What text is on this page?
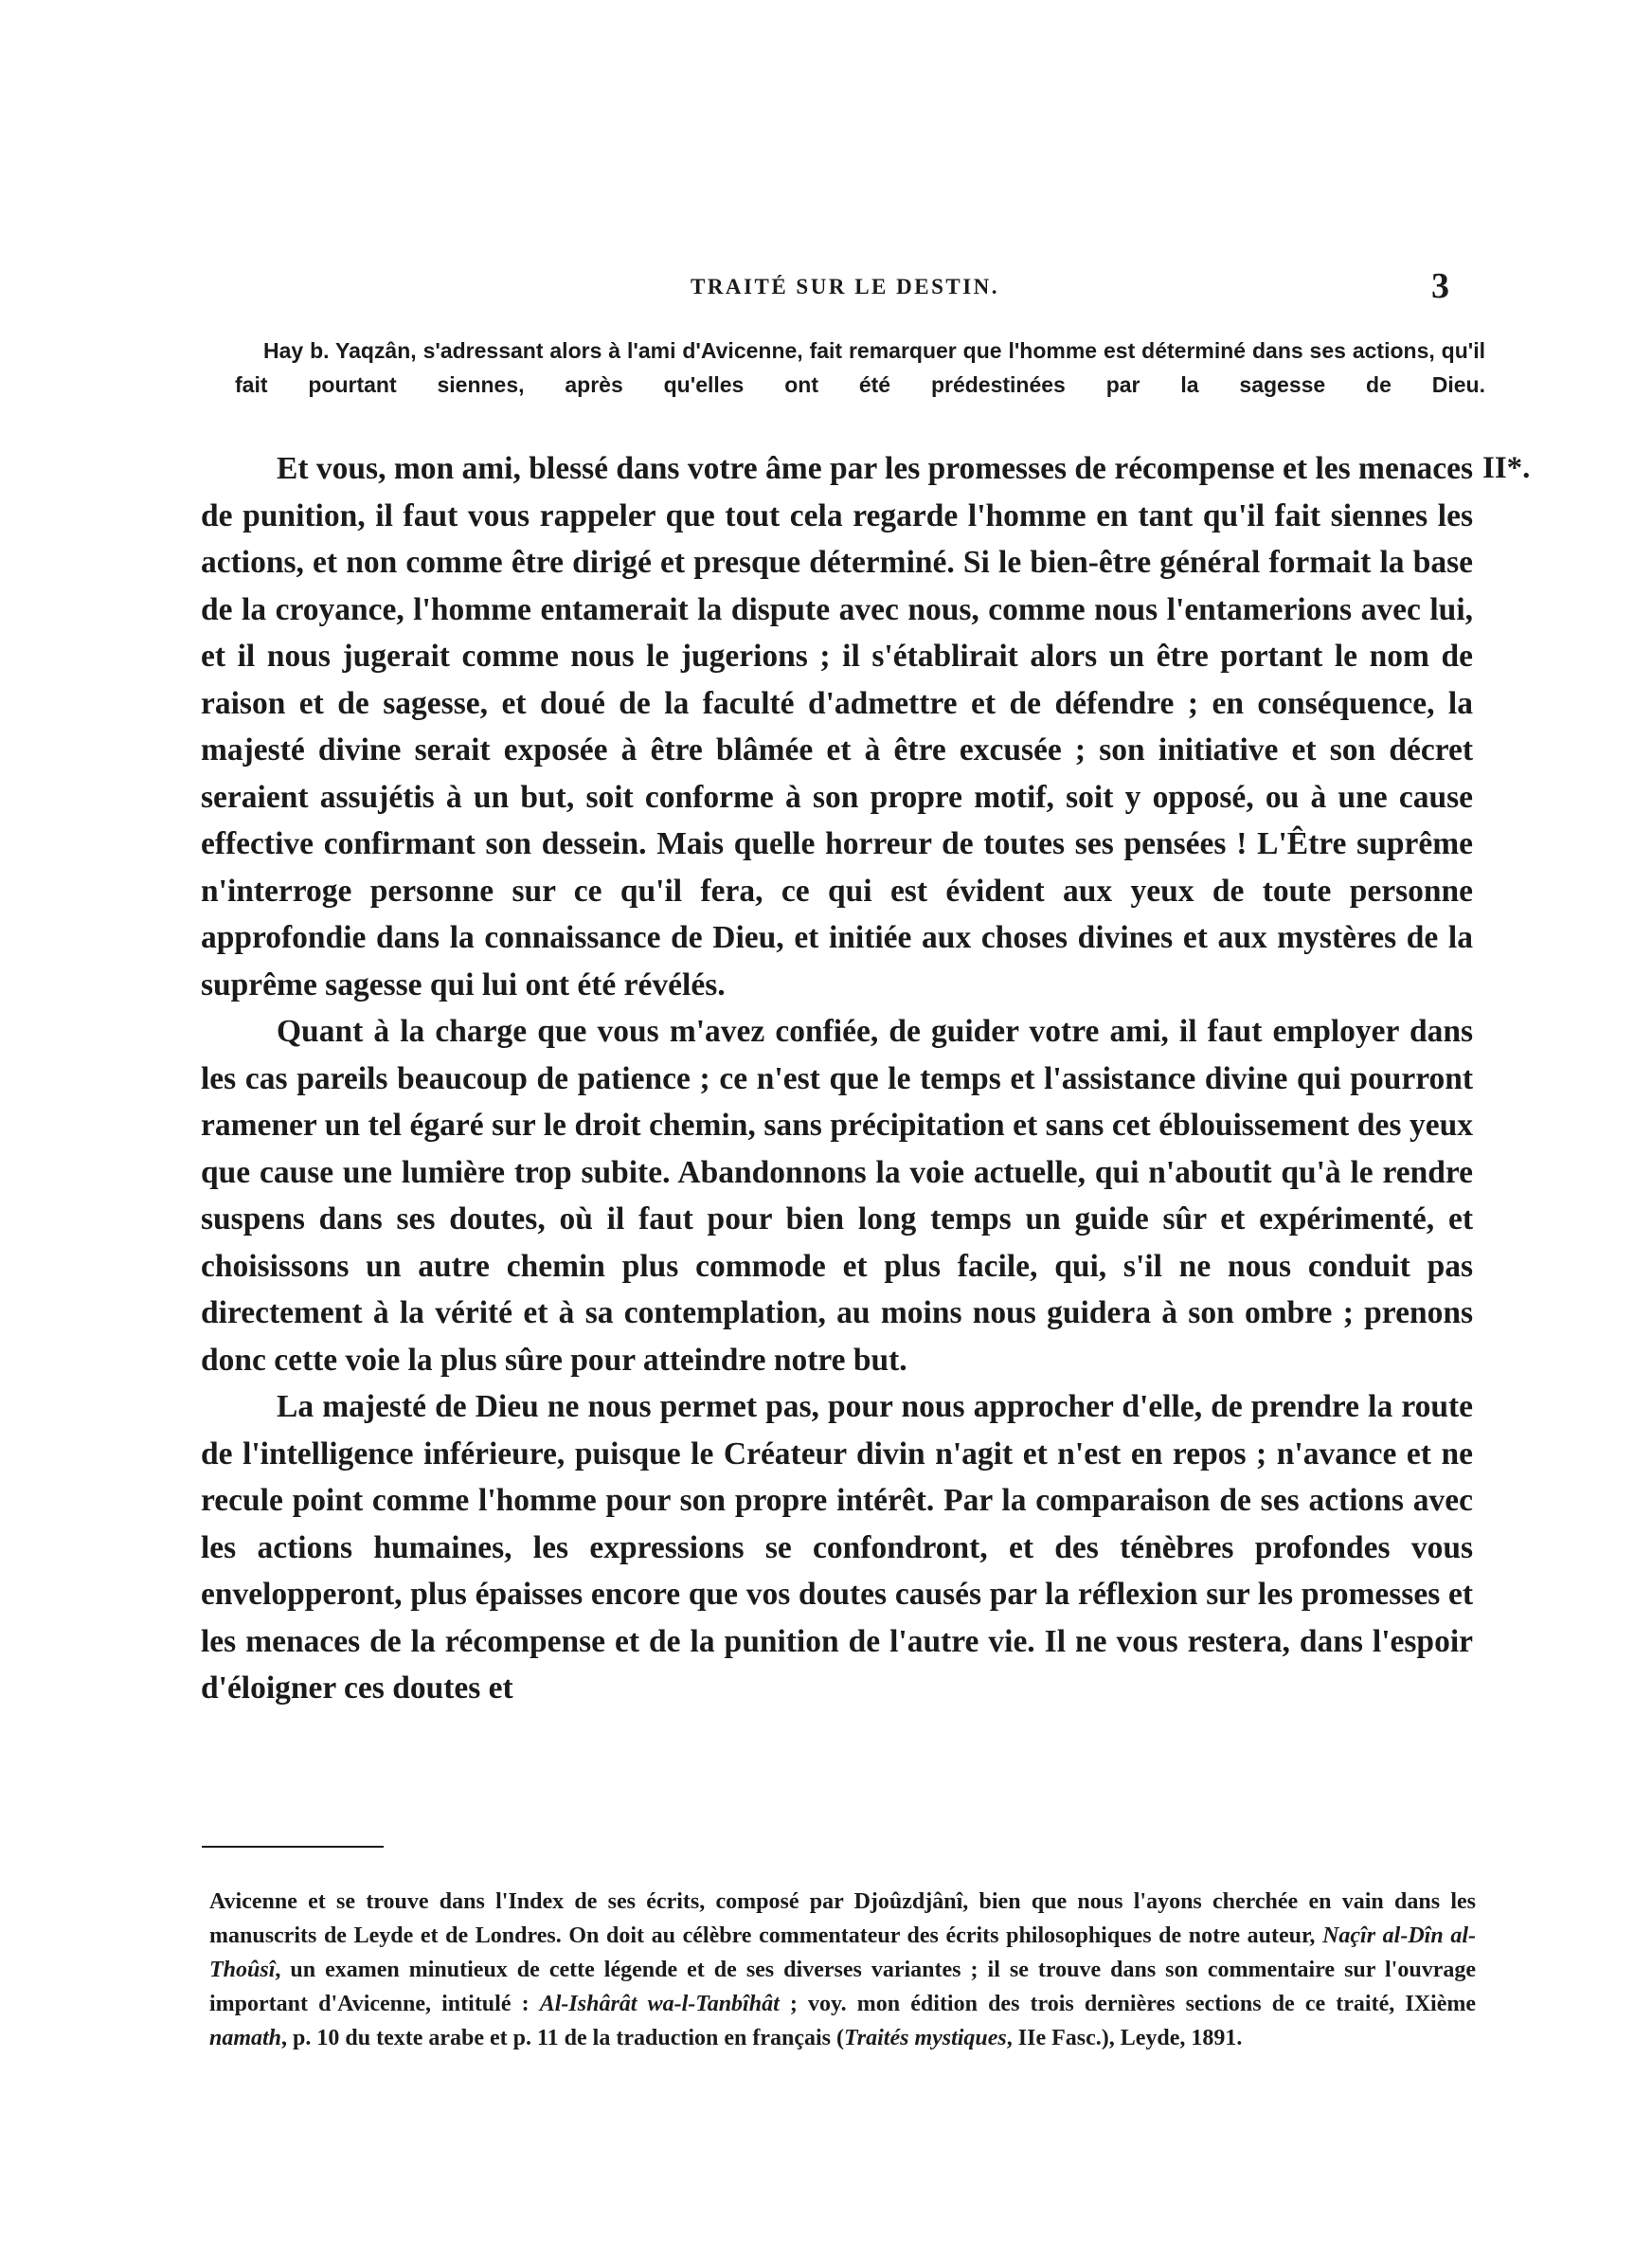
TRAITÉ SUR LE DESTIN.	3
Hay b. Yaqzân, s'adressant alors à l'ami d'Avicenne, fait remarquer que l'homme est déterminé dans ses actions, qu'il fait pourtant siennes, après qu'elles ont été prédestinées par la sagesse de Dieu.
II*.

Et vous, mon ami, blessé dans votre âme par les promesses de récompense et les menaces de punition, il faut vous rappeler que tout cela regarde l'homme en tant qu'il fait siennes les actions, et non comme être dirigé et presque déterminé. Si le bien-être général formait la base de la croyance, l'homme entamerait la dispute avec nous, comme nous l'entamerions avec lui, et il nous jugerait comme nous le jugerions ; il s'établirait alors un être portant le nom de raison et de sagesse, et doué de la faculté d'admettre et de défendre ; en conséquence, la majesté divine serait exposée à être blâmée et à être excusée ; son initiative et son décret seraient assujétis à un but, soit conforme à son propre motif, soit y opposé, ou à une cause effective confirmant son dessein. Mais quelle horreur de toutes ses pensées ! L'Être suprême n'interroge personne sur ce qu'il fera, ce qui est évident aux yeux de toute personne approfondie dans la connaissance de Dieu, et initiée aux choses divines et aux mystères de la suprême sagesse qui lui ont été révélés.

Quant à la charge que vous m'avez confiée, de guider votre ami, il faut employer dans les cas pareils beaucoup de patience ; ce n'est que le temps et l'assistance divine qui pourront ramener un tel égaré sur le droit chemin, sans précipitation et sans cet éblouissement des yeux que cause une lumière trop subite. Abandonnons la voie actuelle, qui n'aboutit qu'à le rendre suspens dans ses doutes, où il faut pour bien long temps un guide sûr et expérimenté, et choisissons un autre chemin plus commode et plus facile, qui, s'il ne nous conduit pas directement à la vérité et à sa contemplation, au moins nous guidera à son ombre ; prenons donc cette voie la plus sûre pour atteindre notre but.

La majesté de Dieu ne nous permet pas, pour nous approcher d'elle, de prendre la route de l'intelligence inférieure, puisque le Créateur divin n'agit et n'est en repos ; n'avance et ne recule point comme l'homme pour son propre intérêt. Par la comparaison de ses actions avec les actions humaines, les expressions se confondront, et des ténèbres profondes vous envelopperont, plus épaisses encore que vos doutes causés par la réflexion sur les promesses et les menaces de la récompense et de la punition de l'autre vie. Il ne vous restera, dans l'espoir d'éloigner ces doutes et

Avicenne et se trouve dans l'Index de ses écrits, composé par Djoûzdjânî, bien que nous l'ayons cherchée en vain dans les manuscrits de Leyde et de Londres. On doit au célèbre commentateur des écrits philosophiques de notre auteur, Naçîr al-Dîn al-Thoûsî, un examen minutieux de cette légende et de ses diverses variantes ; il se trouve dans son commentaire sur l'ouvrage important d'Avicenne, intitulé : Al-Ishârât wa-l-Tanbîhât ; voy. mon édition des trois dernières sections de ce traité, IXième namath, p. 10 du texte arabe et p. 11 de la traduction en français (Traités mystiques, IIe Fasc.), Leyde, 1891.
